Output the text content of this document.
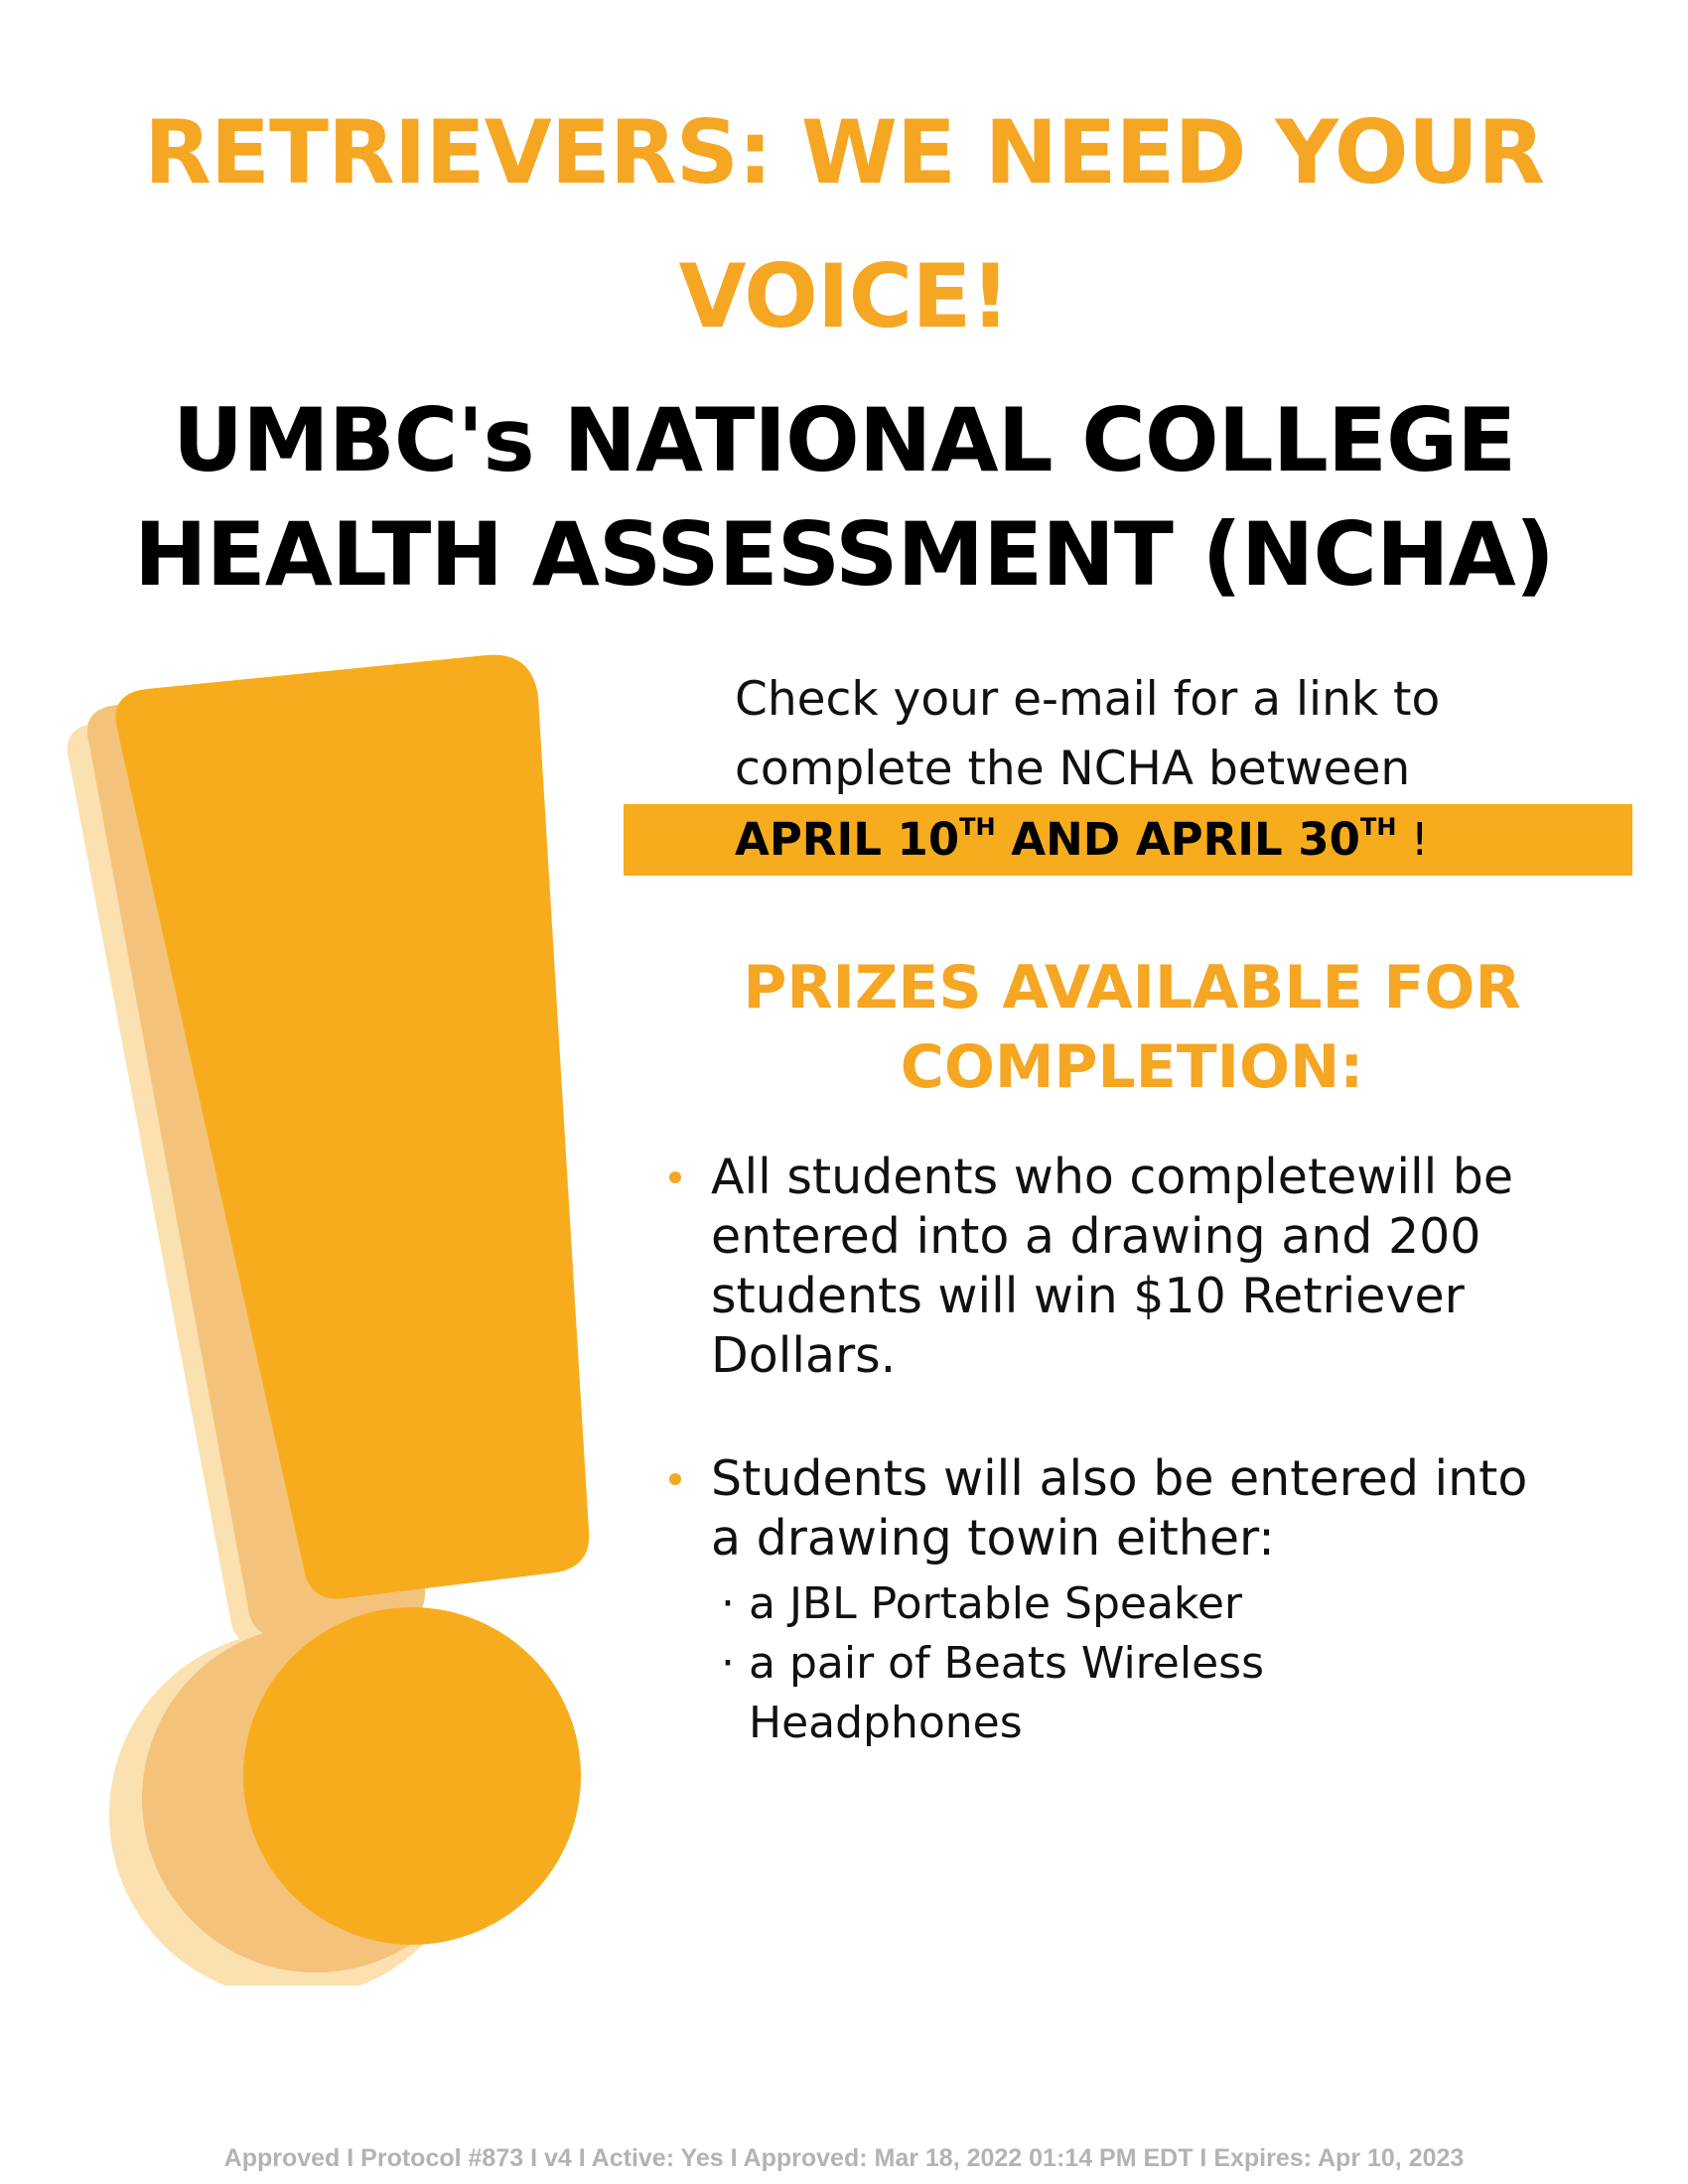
RETRIEVERS: WE NEED YOUR
VOICE!
UMBC's NATIONAL COLLEGE
HEALTH ASSESSMENT (NCHA)
Check your e-mail for a link to
complete the NCHA between
APRIL 10TH AND APRIL 30TH !
PRIZES AVAILABLE FOR
COMPLETION:
All students who completewill be entered into a drawing and 200 students will win $10 Retriever Dollars.
Students will also be entered into a drawing towin either:
· a JBL Portable Speaker
· a pair of Beats Wireless
Headphones
Approved I Protocol #873 I v4 I Active: Yes I Approved: Mar 18, 2022 01:14 PM EDT I Expires: Apr 10, 2023
